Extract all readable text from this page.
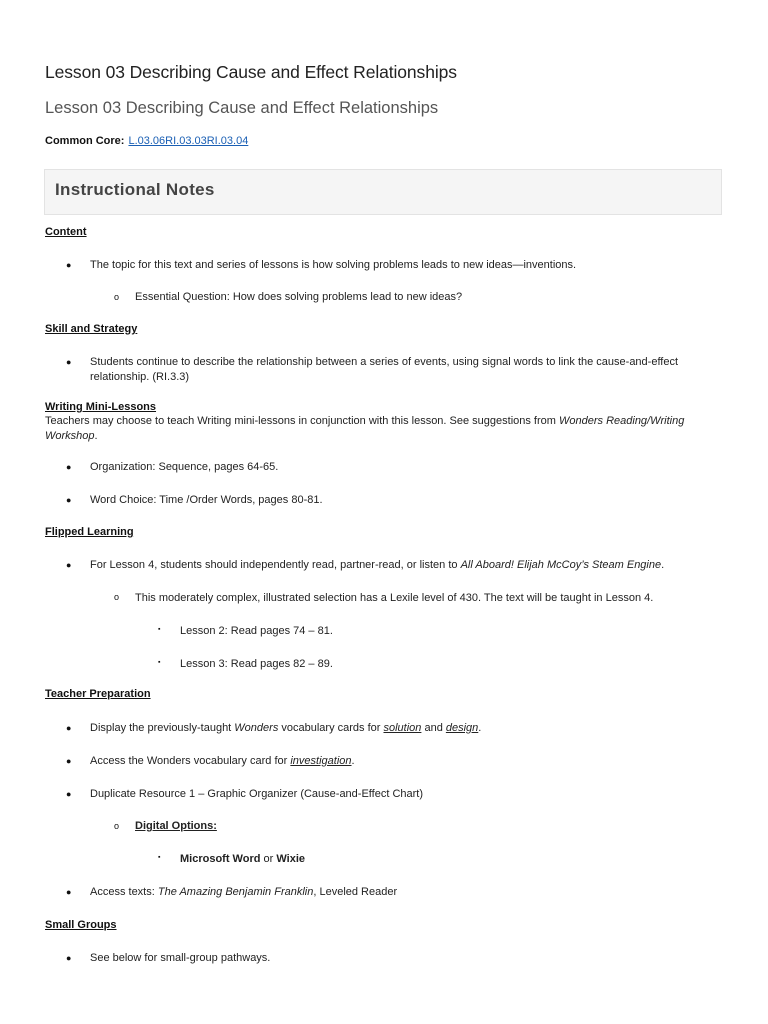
Lesson 03 Describing Cause and Effect Relationships
Lesson 03 Describing Cause and Effect Relationships
Common Core: L.03.06RI.03.03RI.03.04
Instructional Notes
Content
● The topic for this text and series of lessons is how solving problems leads to new ideas—inventions.
o Essential Question: How does solving problems lead to new ideas?
Skill and Strategy
● Students continue to describe the relationship between a series of events, using signal words to link the cause-and-effect relationship. (RI.3.3)
Writing Mini-Lessons
Teachers may choose to teach Writing mini-lessons in conjunction with this lesson. See suggestions from Wonders Reading/Writing Workshop.
● Organization: Sequence, pages 64-65.
● Word Choice: Time /Order Words, pages 80-81.
Flipped Learning
● For Lesson 4, students should independently read, partner-read, or listen to All Aboard! Elijah McCoy’s Steam Engine.
o This moderately complex, illustrated selection has a Lexile level of 430. The text will be taught in Lesson 4.
▪ Lesson 2: Read pages 74 – 81.
▪ Lesson 3: Read pages 82 – 89.
Teacher Preparation
● Display the previously-taught Wonders vocabulary cards for solution and design.
● Access the Wonders vocabulary card for investigation.
● Duplicate Resource 1 – Graphic Organizer (Cause-and-Effect Chart)
o Digital Options:
▪ Microsoft Word or Wixie
● Access texts: The Amazing Benjamin Franklin, Leveled Reader
Small Groups
● See below for small-group pathways.
